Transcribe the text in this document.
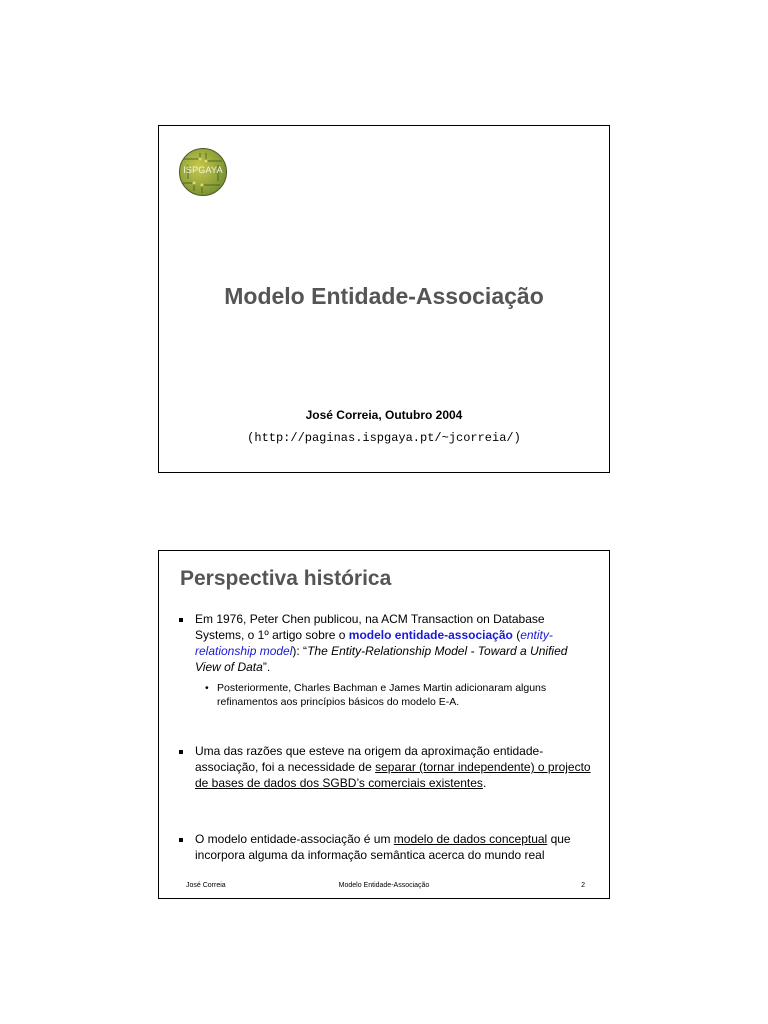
ISPGAYA
Modelo Entidade-Associação
José Correia, Outubro 2004
(http://paginas.ispgaya.pt/~jcorreia/)
Perspectiva histórica

Em 1976, Peter Chen publicou, na ACM Transaction on Database Systems, o 1º artigo sobre o modelo entidade-associação (entity-relationship model): “The Entity-Relationship Model - Toward a Unified View of Data”.

• Posteriormente, Charles Bachman e James Martin adicionaram alguns refinamentos aos princípios básicos do modelo E-A.

Uma das razões que esteve na origem da aproximação entidade-associação, foi a necessidade de separar (tornar independente) o projecto de bases de dados dos SGBD’s comerciais existentes.

O modelo entidade-associação é um modelo de dados conceptual que incorpora alguma da informação semântica acerca do mundo real

José Correia	Modelo Entidade-Associação	2
